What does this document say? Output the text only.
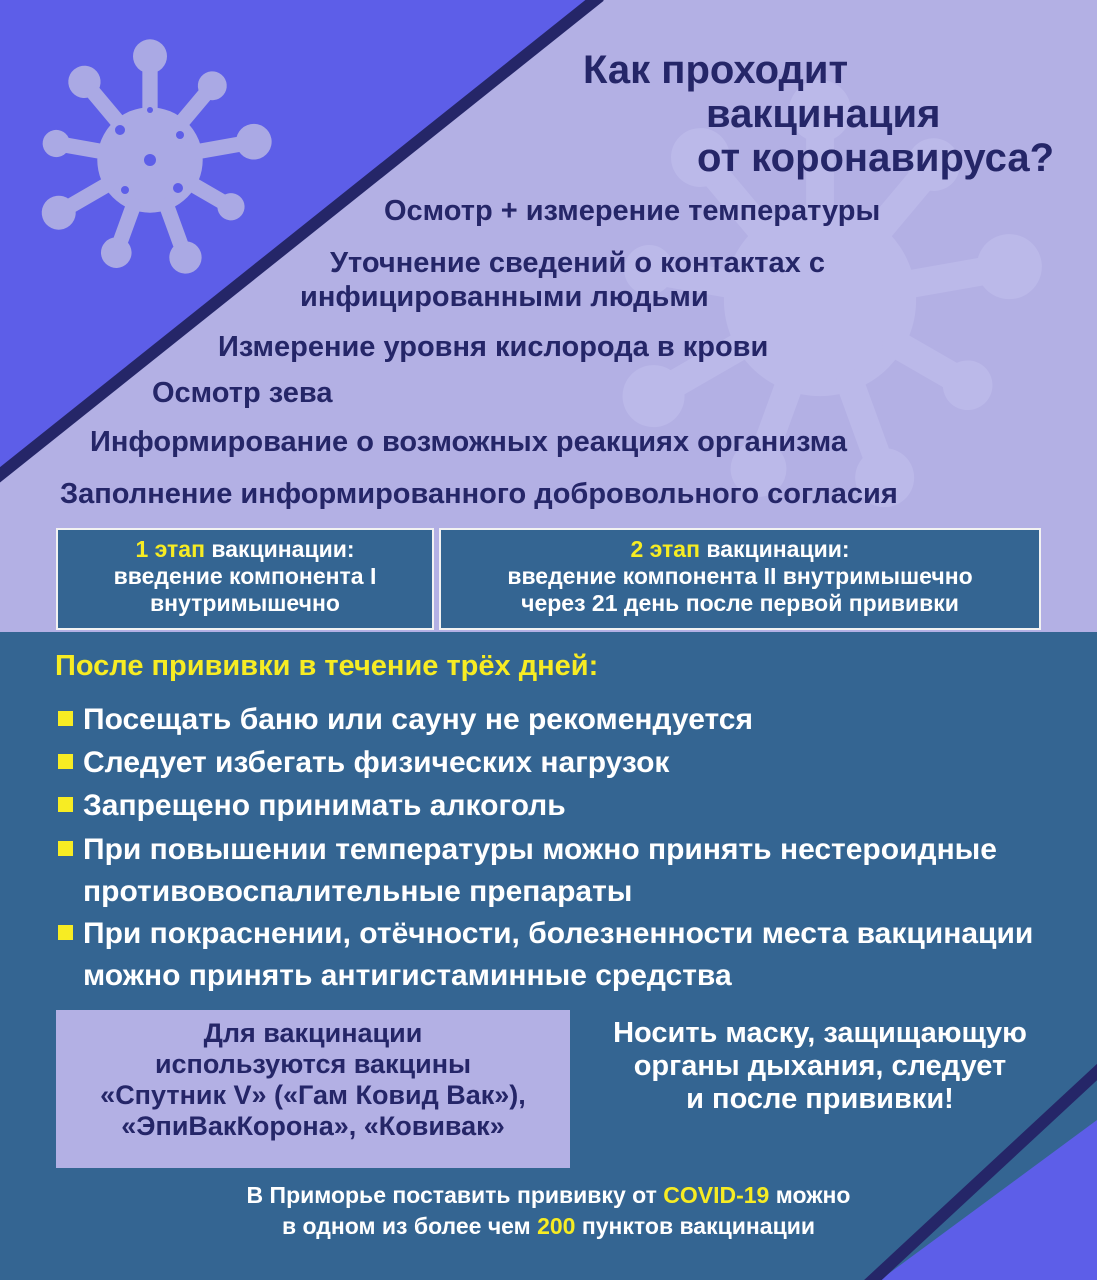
Как проходит
вакцинация
от коронавируса?
Осмотр + измерение температуры
Уточнение сведений о контактах с
инфицированными людьми
Измерение уровня кислорода в крови
Осмотр зева
Информирование о возможных реакциях организма
Заполнение информированного добровольного согласия
1 этап вакцинации:
введение компонента I
внутримышечно
2 этап вакцинации:
введение компонента II внутримышечно
через 21 день после первой прививки
После прививки в течение трёх дней:
Посещать баню или сауну не рекомендуется
Следует избегать физических нагрузок
Запрещено принимать алкоголь
При повышении температуры можно принять нестероидные
противовоспалительные препараты
При покраснении, отёчности, болезненности места вакцинации
можно принять антигистаминные средства
Для вакцинации
используются вакцины
«Спутник V» («Гам Ковид Вак»),
«ЭпиВакКорона», «Ковивак»
Носить маску, защищающую
органы дыхания, следует
и после прививки!
В Приморье поставить прививку от COVID-19 можно
в одном из более чем 200 пунктов вакцинации
